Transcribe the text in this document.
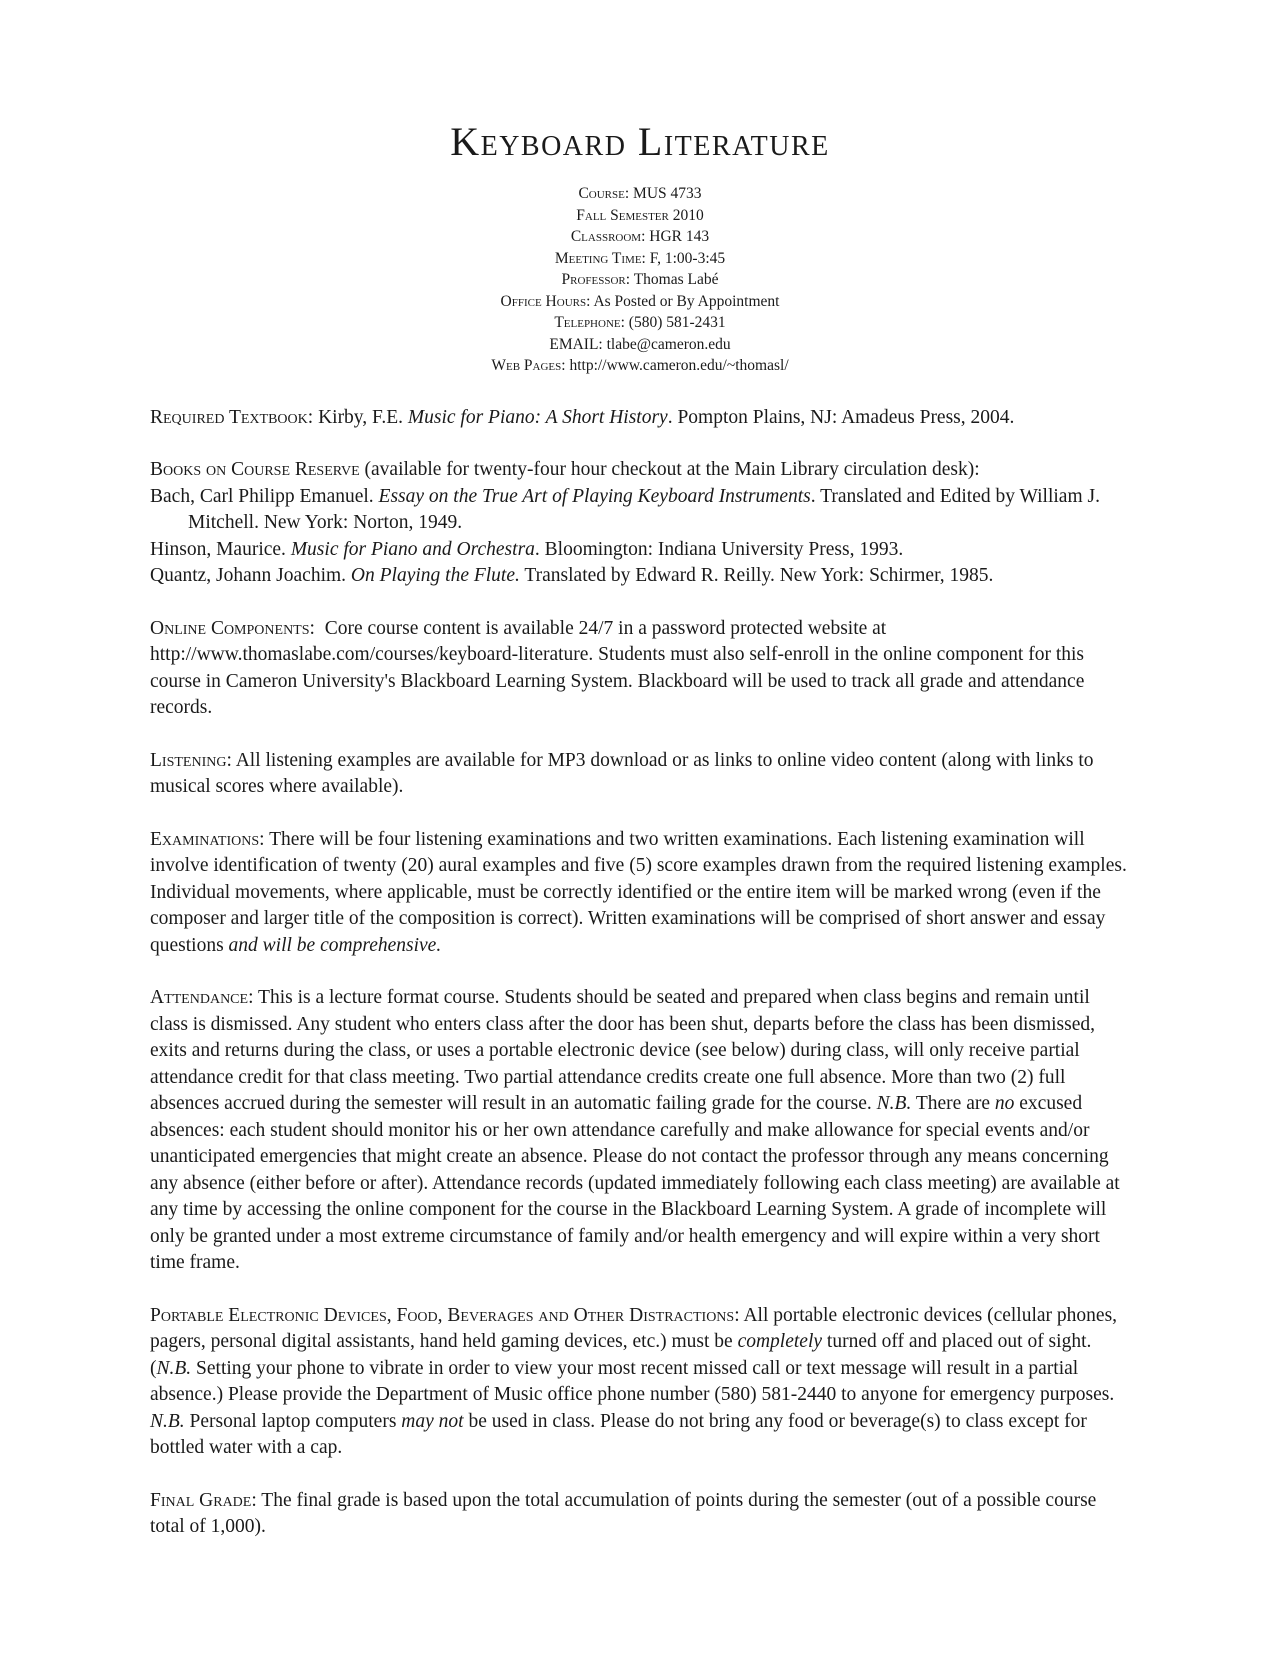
Keyboard Literature
Course: MUS 4733
Fall Semester 2010
Classroom: HGR 143
Meeting Time: F, 1:00-3:45
Professor: Thomas Labé
Office Hours: As Posted or By Appointment
Telephone: (580) 581-2431
EMAIL: tlabe@cameron.edu
Web Pages: http://www.cameron.edu/~thomasl/

Required Textbook: Kirby, F.E. Music for Piano: A Short History. Pompton Plains, NJ: Amadeus Press, 2004.

Books on Course Reserve (available for twenty-four hour checkout at the Main Library circulation desk):
Bach, Carl Philipp Emanuel. Essay on the True Art of Playing Keyboard Instruments. Translated and Edited by William J. Mitchell. New York: Norton, 1949.
Hinson, Maurice. Music for Piano and Orchestra. Bloomington: Indiana University Press, 1993.
Quantz, Johann Joachim. On Playing the Flute. Translated by Edward R. Reilly. New York: Schirmer, 1985.

Online Components: Core course content is available 24/7 in a password protected website at http://www.thomaslabe.com/courses/keyboard-literature. Students must also self-enroll in the online component for this course in Cameron University's Blackboard Learning System. Blackboard will be used to track all grade and attendance records.

Listening: All listening examples are available for MP3 download or as links to online video content (along with links to musical scores where available).

Examinations: There will be four listening examinations and two written examinations. Each listening examination will involve identification of twenty (20) aural examples and five (5) score examples drawn from the required listening examples. Individual movements, where applicable, must be correctly identified or the entire item will be marked wrong (even if the composer and larger title of the composition is correct). Written examinations will be comprised of short answer and essay questions and will be comprehensive.

Attendance: This is a lecture format course. Students should be seated and prepared when class begins and remain until class is dismissed. Any student who enters class after the door has been shut, departs before the class has been dismissed, exits and returns during the class, or uses a portable electronic device (see below) during class, will only receive partial attendance credit for that class meeting. Two partial attendance credits create one full absence. More than two (2) full absences accrued during the semester will result in an automatic failing grade for the course. N.B. There are no excused absences: each student should monitor his or her own attendance carefully and make allowance for special events and/or unanticipated emergencies that might create an absence. Please do not contact the professor through any means concerning any absence (either before or after). Attendance records (updated immediately following each class meeting) are available at any time by accessing the online component for the course in the Blackboard Learning System. A grade of incomplete will only be granted under a most extreme circumstance of family and/or health emergency and will expire within a very short time frame.

Portable Electronic Devices, Food, Beverages and Other Distractions: All portable electronic devices (cellular phones, pagers, personal digital assistants, hand held gaming devices, etc.) must be completely turned off and placed out of sight. (N.B. Setting your phone to vibrate in order to view your most recent missed call or text message will result in a partial absence.) Please provide the Department of Music office phone number (580) 581-2440 to anyone for emergency purposes. N.B. Personal laptop computers may not be used in class. Please do not bring any food or beverage(s) to class except for bottled water with a cap.

Final Grade: The final grade is based upon the total accumulation of points during the semester (out of a possible course total of 1,000).
